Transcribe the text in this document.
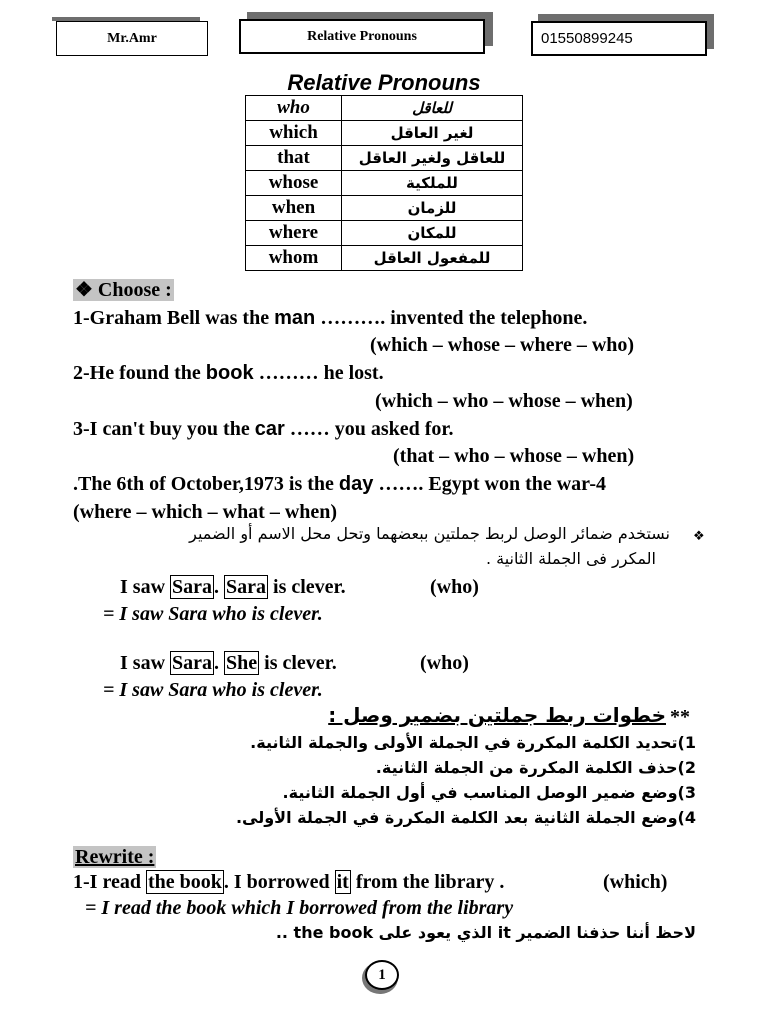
Mr.Amr	Relative Pronouns	01550899245
Relative Pronouns
who	للعاقل
which	لغير العاقل
that	للعاقل ولغير العاقل
whose	للملكية
when	للزمان
where	للمكان
whom	للمفعول العاقل
❖ Choose :
1-Graham Bell was the man ………. invented the telephone.
(which – whose – where – who)
2-He found the book ……… he lost.
(which – who – whose – when)
3-I can't buy you the car …… you asked for.
(that – who – whose – when)
.The 6th of October,1973 is the day ……. Egypt won the war-4
(where – which – what – when)
❖
نستخدم ضمائر الوصل لربط جملتين ببعضهما وتحل محل الاسم أو الضمير
المكرر فى الجملة الثانية .
I saw Sara . Sara is clever.	(who)
= I saw Sara who is clever.
I saw Sara . She is clever.	(who)
= I saw Sara who is clever.
**
خطوات ربط جملتين بضمير وصل :
1)تحديد الكلمة المكررة في الجملة الأولى والجملة الثانية.
2)حذف الكلمة المكررة من الجملة الثانية.
3)وضع ضمير الوصل المناسب في أول الجملة الثانية.
4)وضع الجملة الثانية بعد الكلمة المكررة في الجملة الأولى.
Rewrite :
1-I read the book . I borrowed it from the library .	(which)
= I read the book which I borrowed from the library
لاحظ أننا حذفنا الضمير it الذي يعود على the book ..
1
